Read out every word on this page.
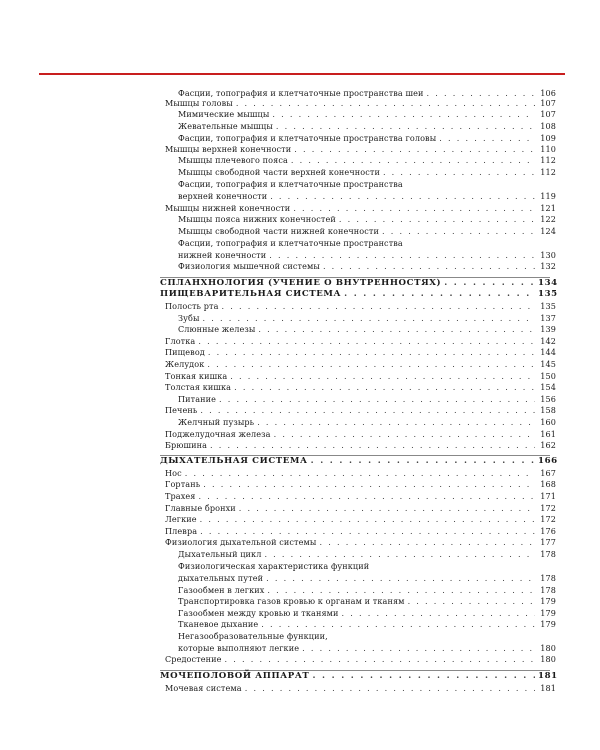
Фасции, топография и клетчаточные пространства шеи . . .	106
Мышцы головы . . .	107
Мимические мышцы . . .	107
Жевательные мышцы . . .	108
Фасции, топография и клетчаточные пространства головы . . .	109
Мышцы верхней конечности . . .	110
Мышцы плечевого пояса . . .	112
Мышцы свободной части верхней конечности . . .	112
Фасции, топография и клетчаточные пространства
верхней конечности . . .	119
Мышцы нижней конечности . . .	121
Мышцы пояса нижних конечностей . . .	122
Мышцы свободной части нижней конечности . . .	124
Фасции, топография и клетчаточные пространства
нижней конечности . . .	130
Физиология мышечной системы . . .	132
СПЛАНХНОЛОГИЯ (УЧЕНИЕ О ВНУТРЕННОСТЯХ) . . .	134
ПИЩЕВАРИТЕЛЬНАЯ СИСТЕМА . . .	135
Полость рта . . .	135
Зубы . . .	137
Слюнные железы . . .	139
Глотка . . .	142
Пищевод . . .	144
Желудок . . .	145
Тонкая кишка . . .	150
Толстая кишка . . .	154
Питание . . .	156
Печень . . .	158
Желчный пузырь . . .	160
Поджелудочная железа . . .	161
Брюшина . . .	162
ДЫХАТЕЛЬНАЯ СИСТЕМА . . .	166
Нос . . .	167
Гортань . . .	168
Трахея . . .	171
Главные бронхи . . .	172
Легкие . . .	172
Плевра . . .	176
Физиология дыхательной системы . . .	177
Дыхательный цикл . . .	178
Физиологическая характеристика функций
дыхательных путей . . .	178
Газообмен в легких . . .	178
Транспортировка газов кровью к органам и тканям . . .	179
Газообмен между кровью и тканями . . .	179
Тканевое дыхание . . .	179
Негазообразовательные функции,
которые выполняют легкие . . .	180
Средостение . . .	180
МОЧЕПОЛОВОЙ АППАРАТ . . .	181
Мочевая система . . .	181
